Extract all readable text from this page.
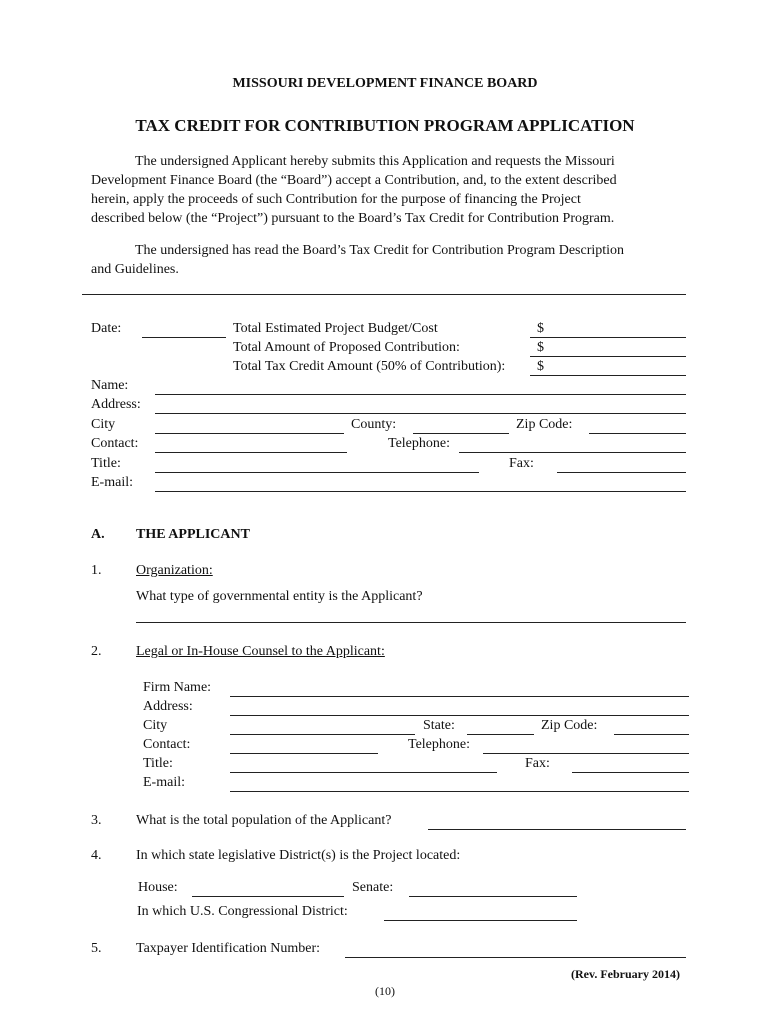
MISSOURI DEVELOPMENT FINANCE BOARD
TAX CREDIT FOR CONTRIBUTION PROGRAM APPLICATION
The undersigned Applicant hereby submits this Application and requests the Missouri
Development Finance Board (the “Board”) accept a Contribution, and, to the extent described
herein, apply the proceeds of such Contribution for the purpose of financing the Project
described below (the “Project”) pursuant to the Board’s Tax Credit for Contribution Program.
The undersigned has read the Board’s Tax Credit for Contribution Program Description
and Guidelines.
Date:	Total Estimated Project Budget/Cost	$
Total Amount of Proposed Contribution:	$
Total Tax Credit Amount (50% of Contribution): $
Name:
Address:
City	County:	Zip Code:
Contact:	Telephone:
Title:	Fax:
E-mail:
A. THE APPLICANT
1. Organization:
What type of governmental entity is the Applicant?
2. Legal or In-House Counsel to the Applicant:
Firm Name:
Address:
City	State:	Zip Code:
Contact:	Telephone:
Title:	Fax:
E-mail:
3. What is the total population of the Applicant?
4. In which state legislative District(s) is the Project located:
House:	Senate:
In which U.S. Congressional District:
5. Taxpayer Identification Number:
(Rev. February 2014)
(10)
